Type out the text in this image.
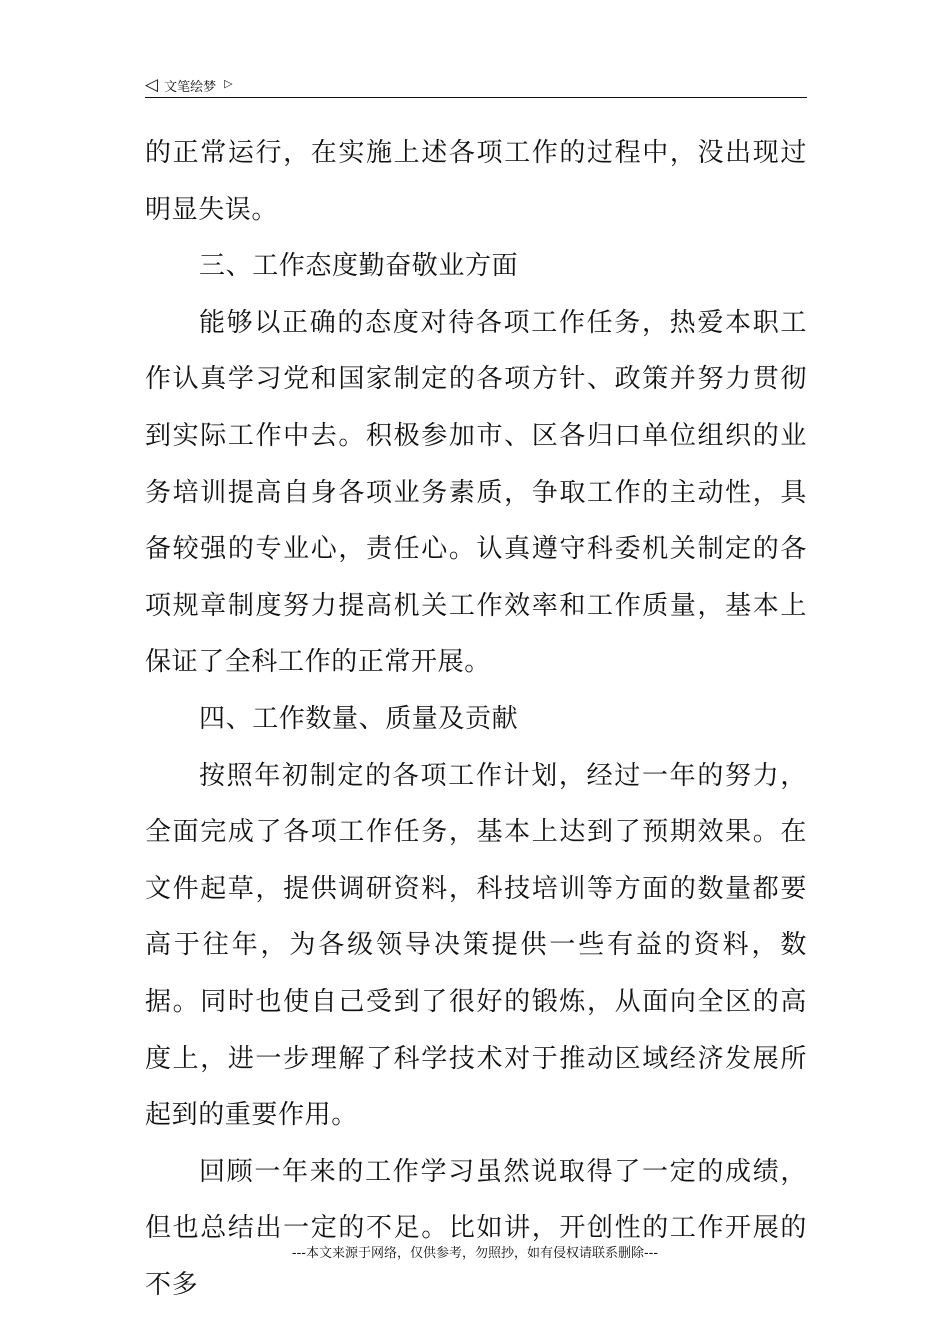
◁ 文笔绘梦 ▷

的正常运行，在实施上述各项工作的过程中，没出现过明显失误。

三、工作态度勤奋敬业方面

能够以正确的态度对待各项工作任务，热爱本职工作认真学习党和国家制定的各项方针、政策并努力贯彻到实际工作中去。积极参加市、区各归口单位组织的业务培训提高自身各项业务素质，争取工作的主动性，具备较强的专业心，责任心。认真遵守科委机关制定的各项规章制度努力提高机关工作效率和工作质量，基本上保证了全科工作的正常开展。

四、工作数量、质量及贡献

按照年初制定的各项工作计划，经过一年的努力，全面完成了各项工作任务，基本上达到了预期效果。在文件起草，提供调研资料，科技培训等方面的数量都要高于往年，为各级领导决策提供一些有益的资料，数据。同时也使自己受到了很好的锻炼，从面向全区的高度上，进一步理解了科学技术对于推动区域经济发展所起到的重要作用。

回顾一年来的工作学习虽然说取得了一定的成绩，但也总结出一定的不足。比如讲，开创性的工作开展的不多

---本文来源于网络，仅供参考，勿照抄，如有侵权请联系删除---
